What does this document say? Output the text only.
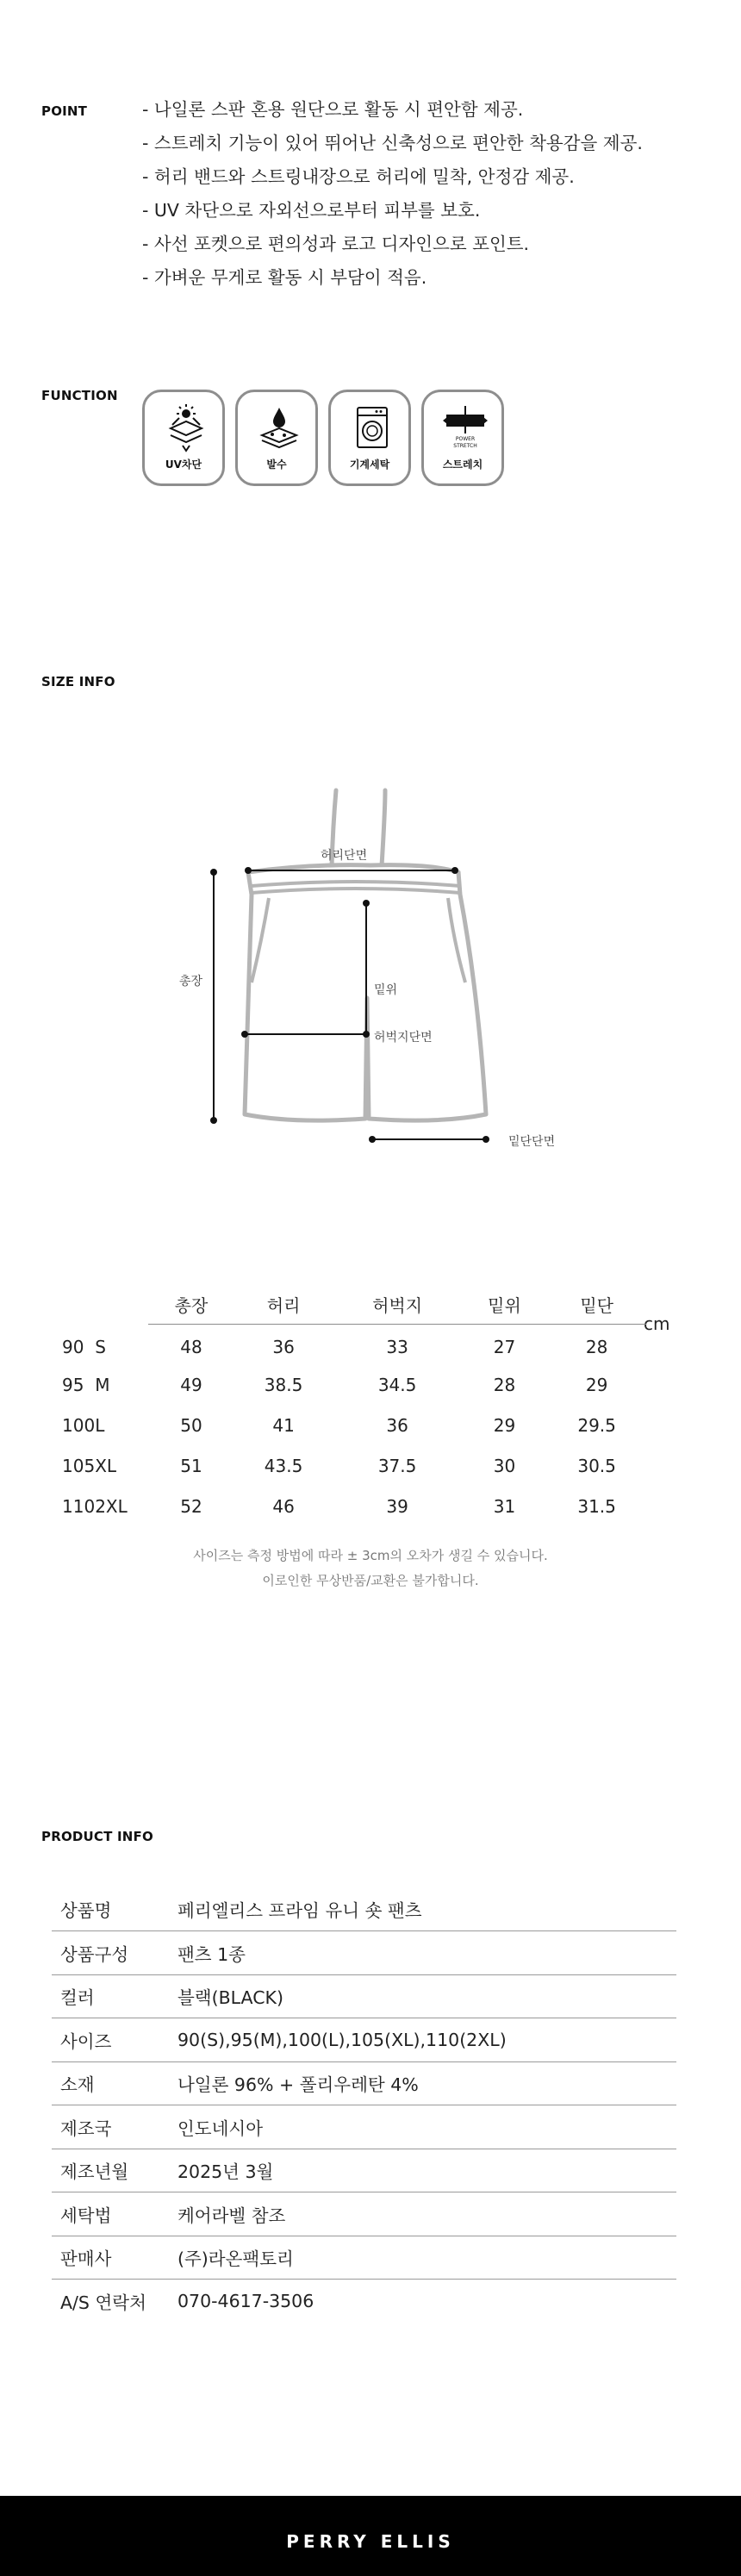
POINT	- 나일론 스판 혼용 원단으로 활동 시 편안함 제공.
- 스트레치 기능이 있어 뛰어난 신축성으로 편안한 착용감을 제공.
- 허리 밴드와 스트링내장으로 허리에 밀착, 안정감 제공.
- UV 차단으로 자외선으로부터 피부를 보호.
- 사선 포켓으로 편의성과 로고 디자인으로 포인트.
- 가벼운 무게로 활동 시 부담이 적음.
FUNCTION
UV차단	발수	기계세탁
POWER
STRETCH
스트레치
SIZE INFO
허리단면
총장
밑위
허벅지단면
밑단단면
cm
		총장	허리	허벅지	밑위	밑단
90	S	48	36	33	27	28
95	M	49	38.5	34.5	28	29
100	L	50	41	36	29	29.5
105	XL	51	43.5	37.5	30	30.5
110	2XL	52	46	39	31	31.5
사이즈는 측정 방법에 따라 ± 3cm의 오차가 생길 수 있습니다.
이로인한 무상반품/교환은 불가합니다.
PRODUCT INFO
상품명	페리엘리스 프라임 유니 숏 팬츠
상품구성	팬츠 1종
컬러	블랙(BLACK)
사이즈	90(S),95(M),100(L),105(XL),110(2XL)
소재	나일론 96% + 폴리우레탄 4%
제조국	인도네시아
제조년월	2025년 3월
세탁법	케어라벨 참조
판매사	(주)라온팩토리
A/S 연락처	070-4617-3506
PERRY ELLIS
